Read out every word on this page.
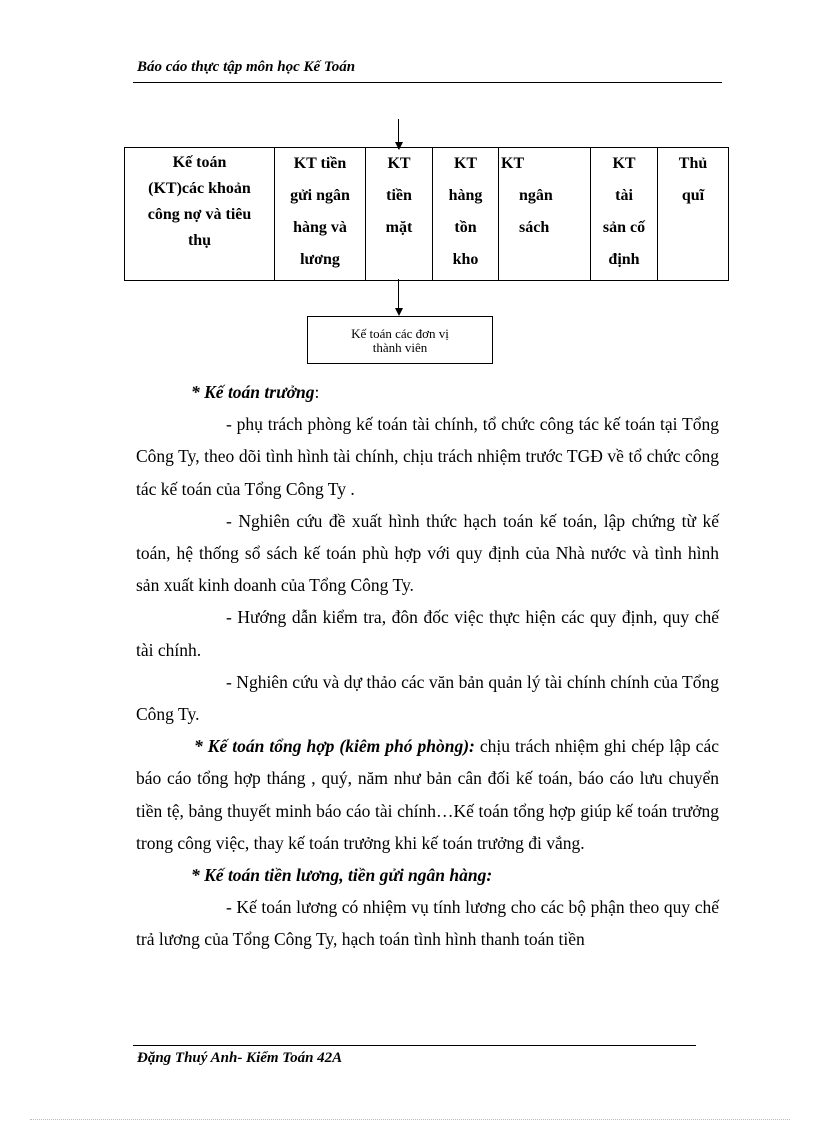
Báo cáo thực tập môn học Kế Toán
Kế toán
(KT)các khoản
công nợ và tiêu
thụ

KT tiền
gửi ngân
hàng và
lương

KT
tiền
mặt

KT
hàng
tồn
kho

KT
ngân
sách

KT
tài
sản cố
định

Thủ
quĩ
Kế toán các đơn vị
thành viên

* Kế toán trưởng:

- phụ trách phòng kế toán tài chính, tổ chức công tác kế toán tại Tổng Công Ty, theo dõi tình hình tài chính, chịu trách nhiệm trước TGĐ về tổ chức công tác kế toán của Tổng Công Ty .

- Nghiên cứu đề xuất hình thức hạch toán kế toán, lập chứng từ kế toán, hệ thống sổ sách kế toán phù hợp với quy định của Nhà nước và tình hình sản xuất kinh doanh của Tổng Công Ty.

- Hướng dẫn kiểm tra, đôn đốc việc thực hiện các quy định, quy chế tài chính.

- Nghiên cứu và dự thảo các văn bản quản lý tài chính chính của Tổng Công Ty.

* Kế toán tổng hợp (kiêm phó phòng): chịu trách nhiệm ghi chép lập các báo cáo tổng hợp tháng , quý, năm như bản cân đối kế toán, báo cáo lưu chuyển tiền tệ, bảng thuyết minh báo cáo tài chính…Kế toán tổng hợp giúp kế toán trưởng trong công việc, thay kế toán trưởng khi kế toán trưởng đi vắng.

* Kế toán tiền lương, tiền gửi ngân hàng:

- Kế toán lương có nhiệm vụ tính lương cho các bộ phận theo quy chế trả lương của Tổng Công Ty, hạch toán tình hình thanh toán tiền

Đặng Thuý Anh- Kiểm Toán 42A
